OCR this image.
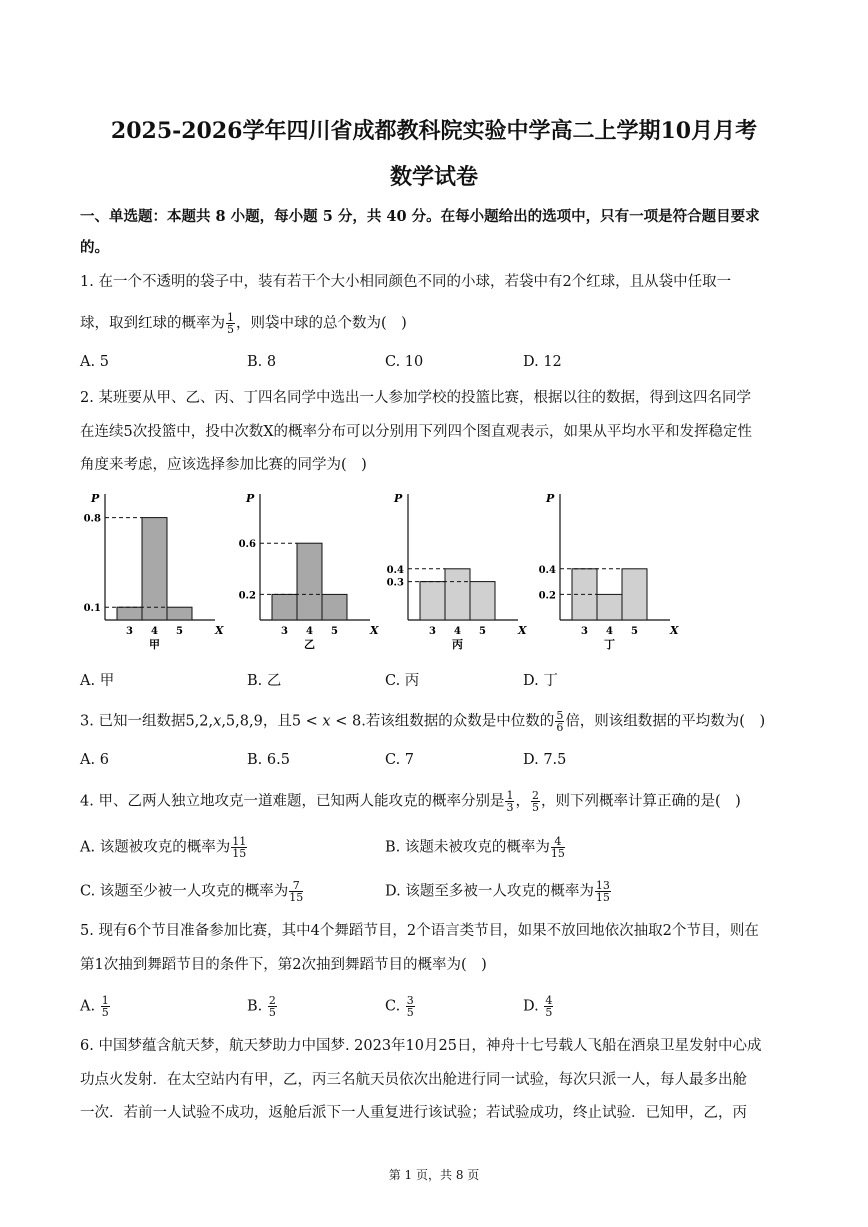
2025-2026学年四川省成都教科院实验中学高二上学期10月月考
数学试卷
一、单选题：本题共 8 小题，每小题 5 分，共 40 分。在每小题给出的选项中，只有一项是符合题目要求
的。
1. 在一个不透明的袋子中，装有若干个大小相同颜色不同的小球，若袋中有2个红球，且从袋中任取一
球，取到红球的概率为 $\frac{1}{5}$ ，则袋中球的总个数为(　)
A. 5	B. 8	C. 10	D. 12
2. 某班要从甲、乙、丙、丁四名同学中选出一人参加学校的投篮比赛，根据以往的数据，得到这四名同学
在连续5次投篮中，投中次数X的概率分布可以分别用下列四个图直观表示，如果从平均水平和发挥稳定性
角度来考虑，应该选择参加比赛的同学为(　)
P
X
3 4 5
0.8
0.1
甲
P
X
3 4 5
0.6
0.2
乙
P
X
3 4 5
0.4
0.3
丙
P
X
3 4 5
0.4
0.2
丁
A. 甲	B. 乙	C. 丙	D. 丁
3. 已知一组数据5,2,x,5,8,9，且5 < x < 8.若该组数据的众数是中位数的 $\frac{5}{6}$ 倍，则该组数据的平均数为(　)
A. 6	B. 6.5	C. 7	D. 7.5
4. 甲、乙两人独立地攻克一道难题，已知两人能攻克的概率分别是 $\frac{1}{3}$ ， $\frac{2}{5}$ ，则下列概率计算正确的是(　)
A. 该题被攻克的概率为 $\frac{11}{15}$	B. 该题未被攻克的概率为 $\frac{4}{15}$
C. 该题至少被一人攻克的概率为 $\frac{7}{15}$	D. 该题至多被一人攻克的概率为 $\frac{13}{15}$
5. 现有6个节目准备参加比赛，其中4个舞蹈节目，2个语言类节目，如果不放回地依次抽取2个节目，则在
第1次抽到舞蹈节目的条件下，第2次抽到舞蹈节目的概率为(　)
A. $\frac{1}{5}$	B. $\frac{2}{5}$	C. $\frac{3}{5}$	D. $\frac{4}{5}$
6. 中国梦蕴含航天梦，航天梦助力中国梦. 2023年10月25日，神舟十七号载人飞船在酒泉卫星发射中心成
功点火发射．在太空站内有甲，乙，丙三名航天员依次出舱进行同一试验，每次只派一人，每人最多出舱
一次．若前一人试验不成功，返舱后派下一人重复进行该试验；若试验成功，终止试验．已知甲，乙，丙
第 1 页，共 8 页
